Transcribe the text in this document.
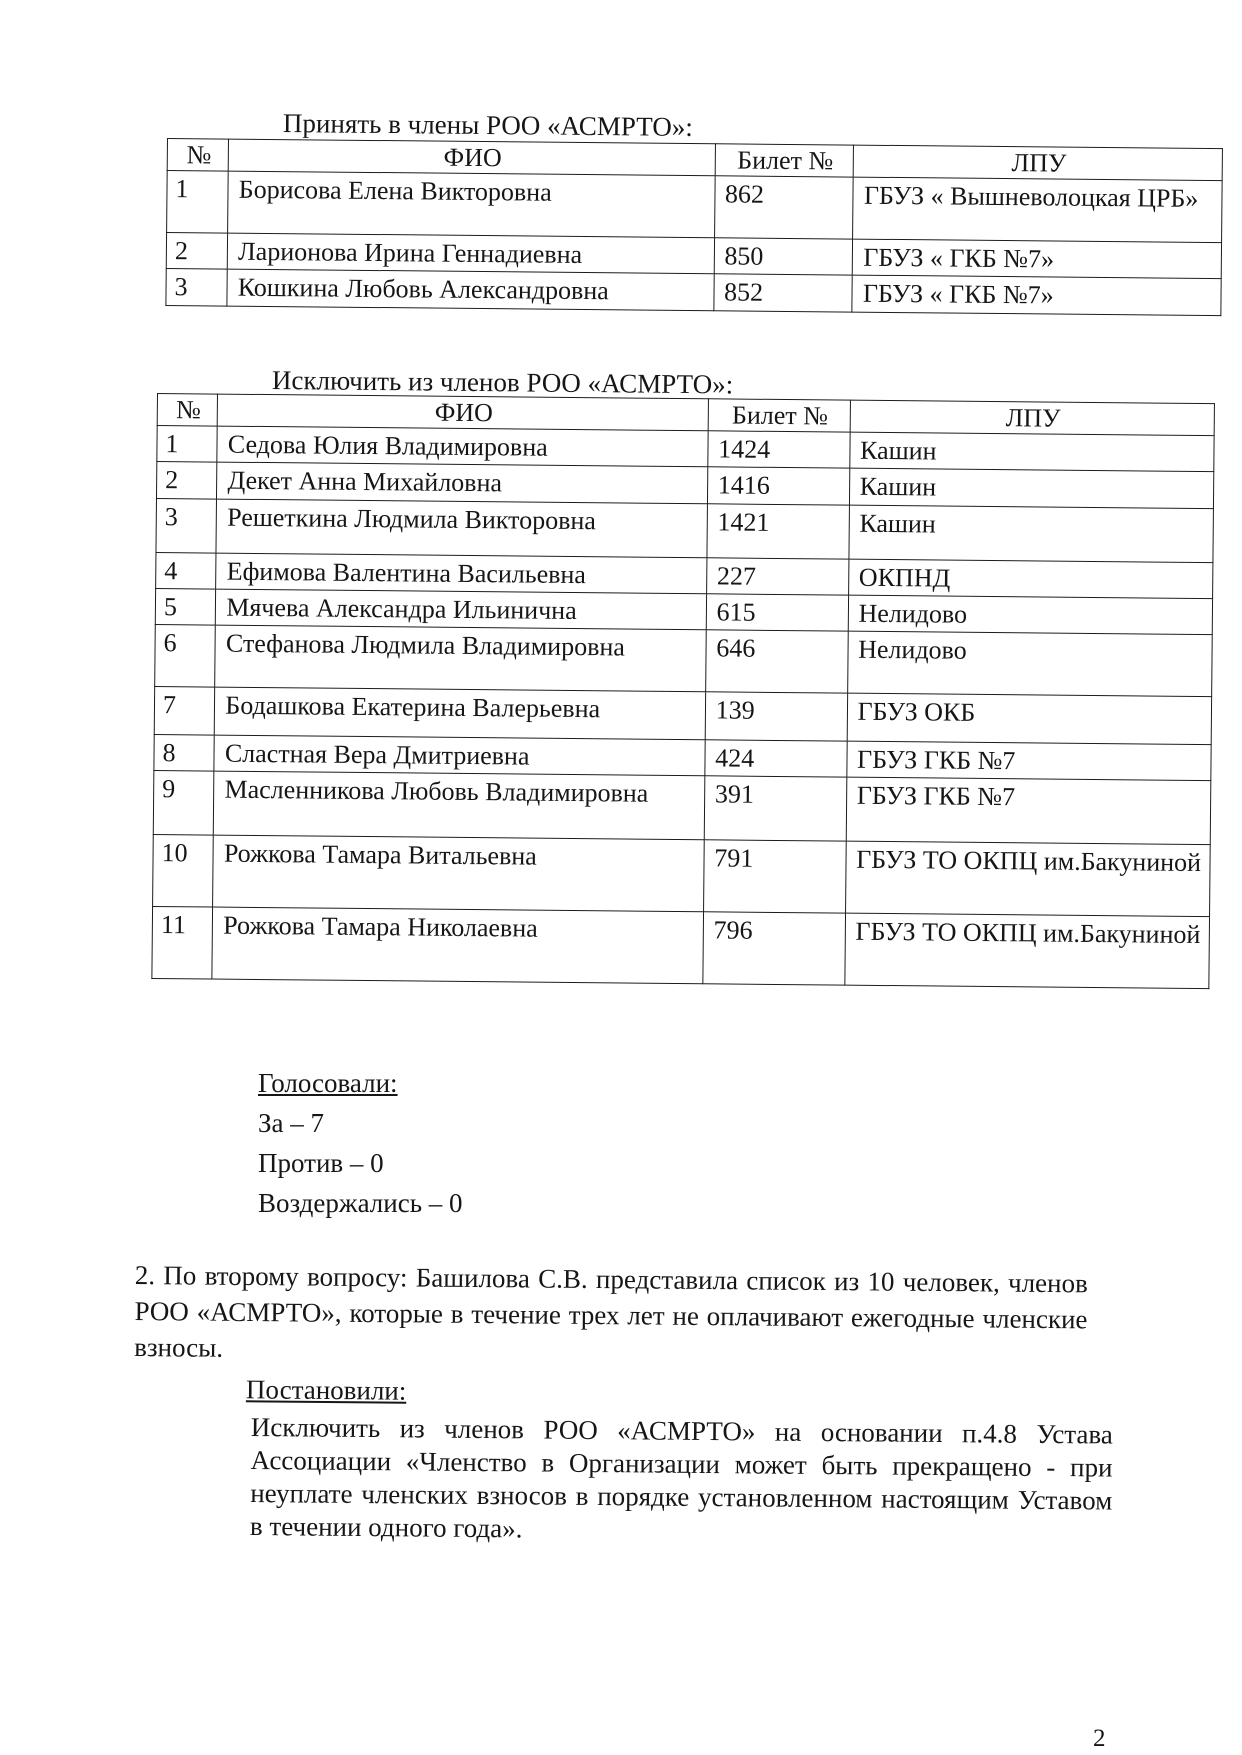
Принять в члены РОО «АСМРТО»:
№	ФИО	Билет №	ЛПУ
1	Борисова Елена Викторовна	862	ГБУЗ « Вышневолоцкая ЦРБ»
2	Ларионова Ирина Геннадиевна	850	ГБУЗ « ГКБ №7»
3	Кошкина Любовь Александровна	852	ГБУЗ « ГКБ №7»
Исключить из членов РОО «АСМРТО»:
№	ФИО	Билет №	ЛПУ
1	Седова Юлия Владимировна	1424	Кашин
2	Декет Анна Михайловна	1416	Кашин
3	Решеткина Людмила Викторовна	1421	Кашин
4	Ефимова Валентина Васильевна	227	ОКПНД
5	Мячева Александра Ильинична	615	Нелидово
6	Стефанова Людмила Владимировна	646	Нелидово
7	Бодашкова Екатерина Валерьевна	139	ГБУЗ ОКБ
8	Сластная Вера Дмитриевна	424	ГБУЗ ГКБ №7
9	Масленникова Любовь Владимировна	391	ГБУЗ ГКБ №7
10	Рожкова Тамара Витальевна	791	ГБУЗ ТО ОКПЦ им.Бакуниной
11	Рожкова Тамара Николаевна	796	ГБУЗ ТО ОКПЦ им.Бакуниной
Голосовали:
За – 7
Против – 0
Воздержались – 0
2. По второму вопросу: Башилова С.В. представила список из 10 человек, членов РОО «АСМРТО», которые в течение трех лет не оплачивают ежегодные членские взносы.
Постановили:
Исключить из членов РОО «АСМРТО» на основании п.4.8 Устава Ассоциации «Членство в Организации может быть прекращено - при неуплате членских взносов в порядке установленном настоящим Уставом в течении одного года».
2
